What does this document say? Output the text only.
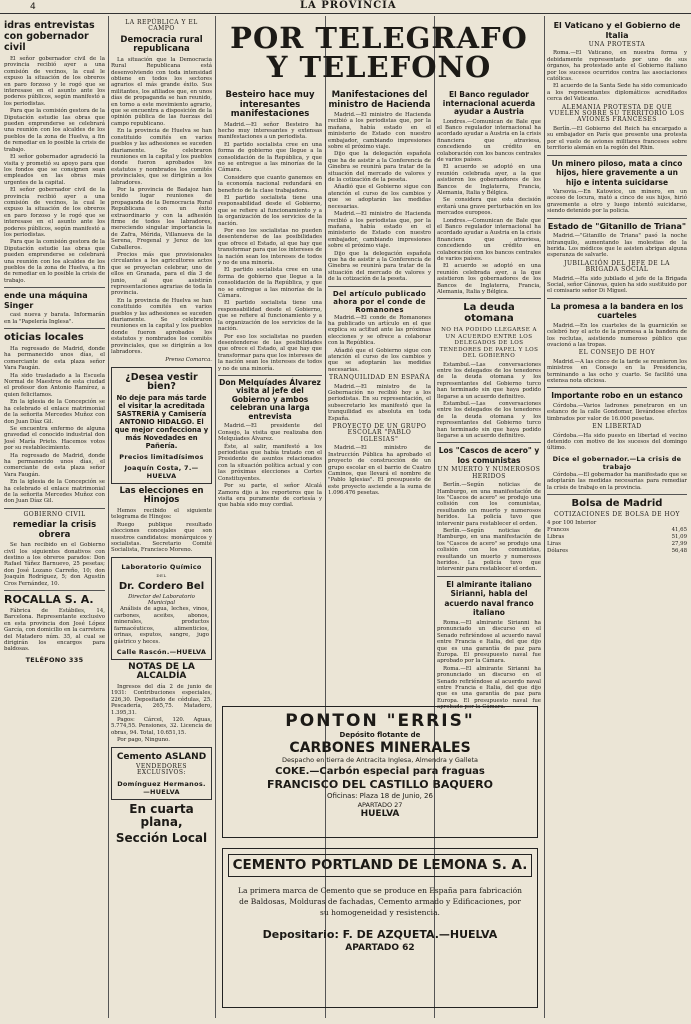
4	LA PROVINCIA
idras entrevistas con gobernador civil

El señor gobernador civil de la provincia recibió ayer a una comisión de vecinos, la cual le expuso la situación de los obreros en paro forzoso y le rogó que se interesase en el asunto ante los poderes públicos, según manifestó a los periodistas.

Para que la comisión gestora de la Diputación estudie las obras que pueden emprenderse se celebrará una reunión con los alcaldes de los pueblos de la zona de Huelva, a fin de remediar en lo posible la crisis de trabajo.

El señor gobernador agradeció la visita y prometió su apoyo para que los fondos que se consignen sean empleados en las obras más urgentes de la capital.

El señor gobernador civil de la provincia recibió ayer a una comisión de vecinos, la cual le expuso la situación de los obreros en paro forzoso y le rogó que se interesase en el asunto ante los poderes públicos, según manifestó a los periodistas.

Para que la comisión gestora de la Diputación estudie las obras que pueden emprenderse se celebrará una reunión con los alcaldes de los pueblos de la zona de Huelva, a fin de remediar en lo posible la crisis de trabajo.

ende una máquina Singer

casi nueva y barata. Informarán en la "Papelería Inglesa".

oticias locales

Ha regresado de Madrid, donde ha permanecido unos días, el comerciante de esta plaza señor Vara Faugán.

Ha sido trasladado a la Escuela Normal de Maestros de esta ciudad el profesor don Antonio Ramírez, a quien felicitamos.

En la iglesia de la Concepción se ha celebrado el enlace matrimonial de la señorita Mercedes Muñoz con don Juan Díaz Gil.

Se encuentra enfermo de alguna gravedad el conocido industrial don José María Prieto. Hacemos votos por su restablecimiento.

Ha regresado de Madrid, donde ha permanecido unos días, el comerciante de esta plaza señor Vara Faugán.

En la iglesia de la Concepción se ha celebrado el enlace matrimonial de la señorita Mercedes Muñoz con don Juan Díaz Gil.

GOBIERNO CIVIL
remediar la crisis obrera

Se han recibido en el Gobierno civil los siguientes donativos con destino a los obreros parados: Don Rafael Yáñez Barnuevo, 25 pesetas; don José Lozano Carreño, 10; don Joaquín Rodríguez, 5; don Agustín Cros Fernández, 10.

ROCALLA S. A.

Fábrica de Estábiles, 14, Barcelona. Representante exclusivo en esta provincia don José López García, con domicilio en la carretera del Matadero núm. 35, al cual se dirigirán los encargos para baldosas.

TELÉFONO 335
LA REPÚBLICA Y EL CAMPO
Democracia rural republicana

La situación que la Democracia Rural Republicana está desenvolviendo con toda intensidad obtiene en todos los sectores agrarios el más grande éxito. Sus militantes, los afiliados que, en unos días de propaganda se han reunido, en torno a este movimiento agrario, que se encuentra a disposición de la opinión pública de las fuerzas del campo republicano.

En la provincia de Huelva se han constituido comités en varios pueblos y las adhesiones se suceden diariamente. Se celebraron reuniones en la capital y los pueblos donde fueron aprobados los estatutos y nombrados los comités provinciales, que se dirigirán a los labradores.

Por la provincia de Badajoz han tenido lugar reuniones de propaganda de la Democracia Rural Republicana con un éxito extraordinario y con la adhesión firme de todos los labradores, mereciendo singular importancia la de Zafra, Mérida, Villanueva de la Serena, Fregenal y Jerez de los Caballeros.

Precios más que provisionales circulantes a los agricultores actos que se proyectan celebrar, uno de ellos en Granada, para el día 3 de junio, al que asistirán representaciones agrarias de toda la provincia.

En la provincia de Huelva se han constituido comités en varios pueblos y las adhesiones se suceden diariamente. Se celebraron reuniones en la capital y los pueblos donde fueron aprobados los estatutos y nombrados los comités provinciales, que se dirigirán a los labradores.

Prensa Comarca.

¿Desea vestir bien?
No deje para más tarde el visitar la acreditada SASTRERÍA y Camisería ANTONIO HIDALGO. El que mejor confecciona y más Novedades en Pañería.
Precios limitadísimos
Joaquín Costa, 7.—HUELVA
Las elecciones en Hinojos

Hemos recibido el siguiente telegrama de Hinojos:

Ruego publique resultado elecciones concejales que son nuestros candidatos: monárquicos y socialistas. Secretario Comité Socialista, Francisco Moreno.

Laboratorio Químico
del
Dr. Cordero Bel
Director del Laboratorio Municipal

Análisis de agua, leches, vinos, carbones, aceites, abonos, minerales, productos farmacéuticos, alimenticios, orinas, esputos, sangre, jugo gástrico y heces.

Calle Rascón.—HUELVA
NOTAS DE LA ALCALDÍA

Ingresos del día 2 de junio de 1931: Contribuciones especiales, 226,30. Depositado de cédulas, 25. Pescadería, 265,75. Matadero, 1.395,31.

Pagos: Cárcel, 120. Aguas, 5.774,55. Pensiones, 32. Licencia de obras, 94. Total, 10.651,15.

Por pago, Ninguno.

Cemento ASLAND
VENDEDORES EXCLUSIVOS:
Domínguez Hermanos.—HUELVA
En cuarta plana,
Sección Local
POR TELEGRAFO
Y TELEFONO
Besteiro hace muy interesantes manifestaciones

Madrid.—El señor Besteiro ha hecho muy interesantes y extensas manifestaciones a un periodista.

El partido socialista cree en una forma de gobierno que llegue a la consolidación de la República, y que no se entregue a las minorías de la Cámara.

Considero que cuanto ganemos en la economía nacional redundará en beneficio de la clase trabajadora.

El partido socialista tiene una responsabilidad desde el Gobierno, que se refiere al funcionamiento y a la organización de los servicios de la nación.

Por eso los socialistas no pueden desentenderse de las posibilidades que ofrece el Estado, al que hay que transformar para que los intereses de la nación sean los intereses de todos y no de una minoría.

El partido socialista cree en una forma de gobierno que llegue a la consolidación de la República, y que no se entregue a las minorías de la Cámara.

El partido socialista tiene una responsabilidad desde el Gobierno, que se refiere al funcionamiento y a la organización de los servicios de la nación.

Por eso los socialistas no pueden desentenderse de las posibilidades que ofrece el Estado, al que hay que transformar para que los intereses de la nación sean los intereses de todos y no de una minoría.

Don Melquíades Álvarez visita al jefe del Gobierno y ambos celebran una larga entrevista

Madrid.—El presidente del Consejo, la visita que realizaba don Melquíades Álvarez.

Éste, al salir, manifestó a los periodistas que había tratado con el Presidente de asuntos relacionados con la situación política actual y con las próximas elecciones a Cortes Constituyentes.

Por su parte, el señor Alcalá Zamora dijo a los reporteros que la visita era puramente de cortesía y que había sido muy cordial.

Manifestaciones del ministro de Hacienda

Madrid.—El ministro de Hacienda recibió a los periodistas que, por la mañana, había estado en el ministerio de Estado con nuestro embajador, cambiando impresiones sobre el próximo viaje.

Dijo que la delegación española que ha de asistir a la Conferencia de Ginebra se reunirá para tratar de la situación del mercado de valores y de la cotización de la peseta.

Añadió que el Gobierno sigue con atención el curso de los cambios y que se adoptarán las medidas necesarias.

Madrid.—El ministro de Hacienda recibió a los periodistas que, por la mañana, había estado en el ministerio de Estado con nuestro embajador, cambiando impresiones sobre el próximo viaje.

Dijo que la delegación española que ha de asistir a la Conferencia de Ginebra se reunirá para tratar de la situación del mercado de valores y de la cotización de la peseta.

Del artículo publicado ahora por el conde de Romanones

Madrid.—El conde de Romanones ha publicado un artículo en el que explica su actitud ante las próximas elecciones y se ofrece a colaborar con la República.

Añadió que el Gobierno sigue con atención el curso de los cambios y que se adoptarán las medidas necesarias.

TRANQUILIDAD EN ESPAÑA

Madrid.—El ministro de la Gobernación no recibió hoy a los periodistas. En su representación, el subsecretario les manifestó que la tranquilidad es absoluta en toda España.

PROYECTO DE UN GRUPO ESCOLAR "PABLO IGLESIAS"

Madrid.—El ministro de Instrucción Pública ha aprobado el proyecto de construcción de un grupo escolar en el barrio de Cuatro Caminos, que llevará el nombre de "Pablo Iglesias". El presupuesto de este proyecto asciende a la suma de 1.096.476 pesetas.

El Banco regulador internacional acuerda ayudar a Austria

Londres.—Comunican de Bale que el Banco regulador internacional ha acordado ayudar a Austria en la crisis financiera que atraviesa, concediendo un crédito en colaboración con los bancos centrales de varios países.

El acuerdo se adoptó en una reunión celebrada ayer, a la que asistieron los gobernadores de los Bancos de Inglaterra, Francia, Alemania, Italia y Bélgica.

Se considera que esta decisión evitará una grave perturbación en los mercados europeos.

Londres.—Comunican de Bale que el Banco regulador internacional ha acordado ayudar a Austria en la crisis financiera que atraviesa, concediendo un crédito en colaboración con los bancos centrales de varios países.

El acuerdo se adoptó en una reunión celebrada ayer, a la que asistieron los gobernadores de los Bancos de Inglaterra, Francia, Alemania, Italia y Bélgica.

La deuda otomana
NO HA PODIDO LLEGARSE A UN ACUERDO ENTRE LOS DELEGADOS DE LOS TENEDORES DE PAPEL Y LOS DEL GOBIERNO

Estambul.—Las conversaciones entre los delegados de los tenedores de la deuda otomana y los representantes del Gobierno turco han terminado sin que haya podido llegarse a un acuerdo definitivo.

Estambul.—Las conversaciones entre los delegados de los tenedores de la deuda otomana y los representantes del Gobierno turco han terminado sin que haya podido llegarse a un acuerdo definitivo.

Los "Cascos de acero" y los comunistas
UN MUERTO Y NUMEROSOS HERIDOS

Berlín.—Según noticias de Hamburgo, en una manifestación de los "Cascos de acero" se produjo una colisión con los comunistas, resultando un muerto y numerosos heridos. La policía tuvo que intervenir para restablecer el orden.

Berlín.—Según noticias de Hamburgo, en una manifestación de los "Cascos de acero" se produjo una colisión con los comunistas, resultando un muerto y numerosos heridos. La policía tuvo que intervenir para restablecer el orden.

El almirante italiano Sirianni, habla del acuerdo naval franco italiano

Roma.—El almirante Sirianni ha pronunciado un discurso en el Senado refiriéndose al acuerdo naval entre Francia e Italia, del que dijo que es una garantía de paz para Europa. El presupuesto naval fue aprobado por la Cámara.

Roma.—El almirante Sirianni ha pronunciado un discurso en el Senado refiriéndose al acuerdo naval entre Francia e Italia, del que dijo que es una garantía de paz para Europa. El presupuesto naval fue aprobado por la Cámara.

El Vaticano y el Gobierno de Italia
UNA PROTESTA

Roma.—El Vaticano, en nuestra forma y debidamente representado por uno de sus órganos, ha protestado ante el Gobierno italiano por los sucesos ocurridos contra las asociaciones católicas.

El acuerdo de la Santa Sede ha sido comunicado a los representantes diplomáticos acreditados cerca del Vaticano.

ALEMANIA PROTESTA DE QUE VUELEN SOBRE SU TERRITORIO LOS AVIONES FRANCESES

Berlín.—El Gobierno del Reich ha encargado a su embajador en París que presente una protesta por el vuelo de aviones militares franceses sobre territorio alemán en la región del Rhin.

Un minero piloso, mata a cinco hijos, hiere gravemente a un hijo e intenta suicidarse

Varsovia.—En Katowice, un minero, en un acceso de locura, mató a cinco de sus hijos, hirió gravemente a otro y luego intentó suicidarse, siendo detenido por la policía.

Estado de "Gitanillo de Triana"

Madrid.—"Gitanillo de Triana" pasó la noche intranquilo, aumentando las molestias de la herida. Los médicos que le asisten abrigan alguna esperanza de salvarle.

JUBILACIÓN DEL JEFE DE LA BRIGADA SOCIAL

Madrid.—Ha sido jubilado el jefe de la Brigada Social, señor Cánovas, quien ha sido sustituido por el comisario señor Di Miguel.

La promesa a la bandera en los cuarteles

Madrid.—En los cuarteles de la guarnición se celebró hoy el acto de la promesa a la bandera de los reclutas, asistiendo numeroso público que ovacionó a las tropas.

EL CONSEJO DE HOY

Madrid.—A las cinco de la tarde se reunieron los ministros en Consejo en la Presidencia, terminando a las ocho y cuarto. Se facilitó una extensa nota oficiosa.

Importante robo en un estanco

Córdoba.—Varios ladrones penetraron en un estanco de la calle Gondomar, llevándose efectos timbrados por valor de 16.000 pesetas.

EN LIBERTAD

Córdoba.—Ha sido puesto en libertad el vecino detenido con motivo de los sucesos del domingo último.

Dice el gobernador.—La crisis de trabajo

Córdoba.—El gobernador ha manifestado que se adoptarán las medidas necesarias para remediar la crisis de trabajo en la provincia.

Bolsa de Madrid
COTIZACIONES DE BOLSA DE HOY
4 por 100 Interior	
Francos	41,65
Libras	51,09
Liras	27,99
Dólares	56,48
PONTON "ERRIS"
Depósito flotante de
CARBONES MINERALES
Despacho en tierra de Antracita Inglesa, Almendra y Galleta
COKE.—Carbón especial para fraguas
FRANCISCO DEL CASTILLO BAQUERO
Oficinas: Plaza 18 de Junio, 26
APARTADO 27
HUELVA
CEMENTO PORTLAND DE LEMONA S. A.
La primera marca de Cemento que se produce en España para fabricación de Baldosas, Molduras de fachadas, Cemento armado y Edificaciones, por su homogeneidad y resistencia.
Depositario: F. DE AZQUETA.—HUELVA
APARTADO 62
